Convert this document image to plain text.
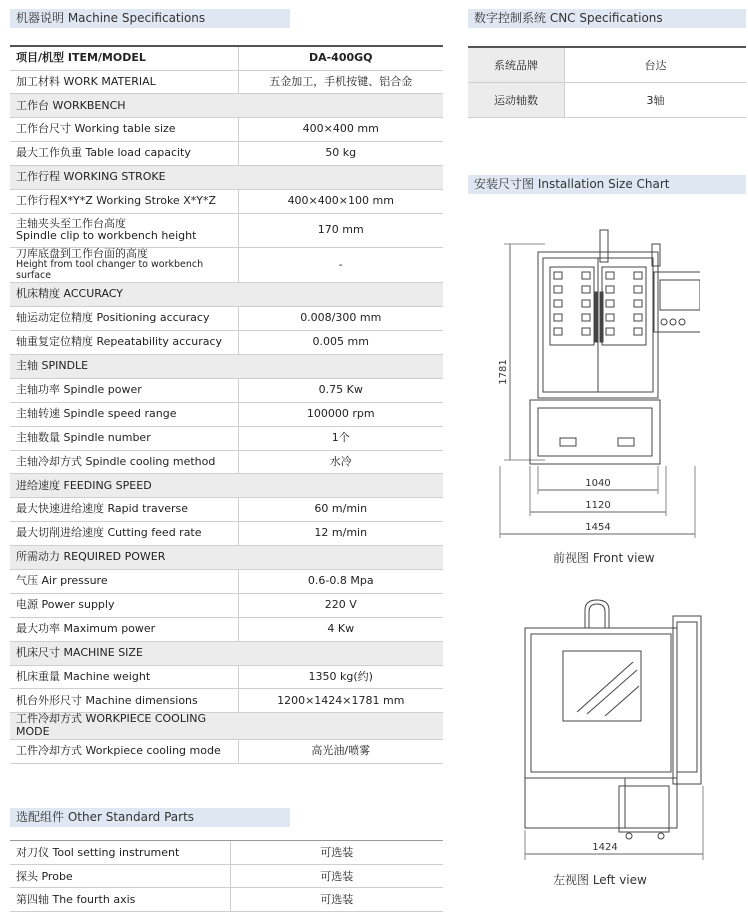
机器说明 Machine Specifications
项目/机型 ITEM/MODEL	DA-400GQ
加工材料 WORK MATERIAL	五金加工，手机按键、铝合金
工作台 WORKBENCH	
工作台尺寸 Working table size	400×400 mm
最大工作负重 Table load capacity	50 kg
工作行程 WORKING STROKE	
工作行程X*Y*Z Working Stroke X*Y*Z	400×400×100 mm

主轴夹头至工作台高度
Spindle clip to workbench height	170 mm

刀库底盘到工作台面的高度
Height from tool changer to workbench surface	-
机床精度 ACCURACY	
轴运动定位精度 Positioning accuracy	0.008/300 mm
轴重复定位精度 Repeatability accuracy	0.005 mm
主轴 SPINDLE	
主轴功率 Spindle power	0.75 Kw
主轴转速 Spindle speed range	100000 rpm
主轴数量 Spindle number	1个
主轴冷却方式 Spindle cooling method	水冷
进给速度 FEEDING SPEED	
最大快速进给速度 Rapid traverse	60 m/min
最大切削进给速度 Cutting feed rate	12 m/min
所需动力 REQUIRED POWER	
气压 Air pressure	0.6-0.8 Mpa
电源 Power supply	220 V
最大功率 Maximum power	4 Kw
机床尺寸 MACHINE SIZE	
机床重量 Machine weight	1350 kg(约)
机台外形尺寸 Machine dimensions	1200×1424×1781 mm
工件冷却方式 WORKPIECE COOLING MODE	
工件冷却方式 Workpiece cooling mode	高光油/喷雾
选配组件 Other Standard Parts
对刀仪 Tool setting instrument	可选装
探头 Probe	可选装
第四轴 The fourth axis	可选装
数字控制系统 CNC Specifications
系统品牌	台达
运动轴数	3轴
安装尺寸图 Installation Size Chart
1781
1040
1120
1454
前视图 Front view
1424
左视图 Left view
